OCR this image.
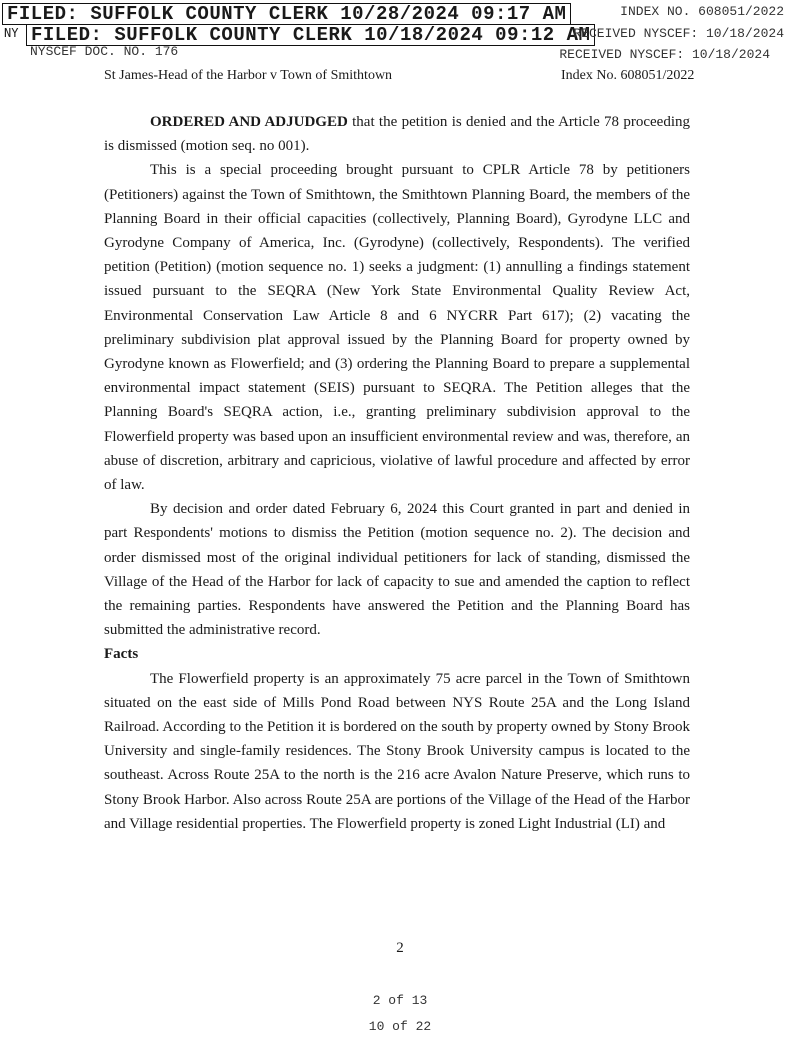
FILED: SUFFOLK COUNTY CLERK 10/28/2024 09:17 AM
NY FILED: SUFFOLK COUNTY CLERK 10/18/2024 09:12 AM
INDEX NO. 608051/2022
RECEIVED NYSCEF: 10/18/2024
NYSCEF DOC. NO. 176	RECEIVED NYSCEF: 10/18/2024
St James-Head of the Harbor v Town of Smithtown	Index No. 608051/2022

ORDERED AND ADJUDGED that the petition is denied and the Article 78 proceeding is dismissed (motion seq. no 001).

This is a special proceeding brought pursuant to CPLR Article 78 by petitioners (Petitioners) against the Town of Smithtown, the Smithtown Planning Board, the members of the Planning Board in their official capacities (collectively, Planning Board), Gyrodyne LLC and Gyrodyne Company of America, Inc. (Gyrodyne) (collectively, Respondents). The verified petition (Petition) (motion sequence no. 1) seeks a judgment: (1) annulling a findings statement issued pursuant to the SEQRA (New York State Environmental Quality Review Act, Environmental Conservation Law Article 8 and 6 NYCRR Part 617); (2) vacating the preliminary subdivision plat approval issued by the Planning Board for property owned by Gyrodyne known as Flowerfield; and (3) ordering the Planning Board to prepare a supplemental environmental impact statement (SEIS) pursuant to SEQRA. The Petition alleges that the Planning Board's SEQRA action, i.e., granting preliminary subdivision approval to the Flowerfield property was based upon an insufficient environmental review and was, therefore, an abuse of discretion, arbitrary and capricious, violative of lawful procedure and affected by error of law.

By decision and order dated February 6, 2024 this Court granted in part and denied in part Respondents' motions to dismiss the Petition (motion sequence no. 2). The decision and order dismissed most of the original individual petitioners for lack of standing, dismissed the Village of the Head of the Harbor for lack of capacity to sue and amended the caption to reflect the remaining parties. Respondents have answered the Petition and the Planning Board has submitted the administrative record.

Facts

The Flowerfield property is an approximately 75 acre parcel in the Town of Smithtown situated on the east side of Mills Pond Road between NYS Route 25A and the Long Island Railroad. According to the Petition it is bordered on the south by property owned by Stony Brook University and single-family residences. The Stony Brook University campus is located to the southeast. Across Route 25A to the north is the 216 acre Avalon Nature Preserve, which runs to Stony Brook Harbor. Also across Route 25A are portions of the Village of the Head of the Harbor and Village residential properties. The Flowerfield property is zoned Light Industrial (LI) and

2
2 of 13
10 of 22
